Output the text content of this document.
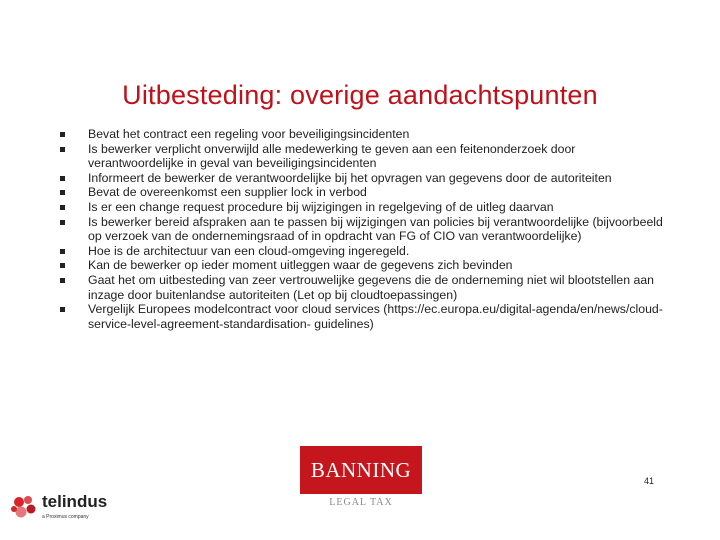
Uitbesteding: overige aandachtspunten
Bevat het contract een regeling voor beveiligingsincidenten
Is bewerker verplicht onverwijld alle medewerking te geven aan een feitenonderzoek door verantwoordelijke in geval van beveiligingsincidenten
Informeert de bewerker de verantwoordelijke bij het opvragen van gegevens door de autoriteiten
Bevat de overeenkomst een supplier lock in verbod
Is er een change request procedure bij wijzigingen in regelgeving of de uitleg daarvan
Is bewerker bereid afspraken aan te passen bij wijzigingen van policies bij verantwoordelijke (bijvoorbeeld op verzoek van de ondernemingsraad of in opdracht van FG of CIO van verantwoordelijke)
Hoe is de architectuur van een cloud-omgeving ingeregeld.
Kan de bewerker op ieder moment uitleggen waar de gegevens zich bevinden
Gaat het om uitbesteding van zeer vertrouwelijke gegevens die de onderneming niet wil blootstellen aan inzage door buitenlandse autoriteiten (Let op bij cloudtoepassingen)
Vergelijk Europees modelcontract voor cloud services (https://ec.europa.eu/digital-agenda/en/news/cloud-service-level-agreement-standardisation- guidelines)
BANNING
LEGAL TAX
41
telindus
a Proximus company
